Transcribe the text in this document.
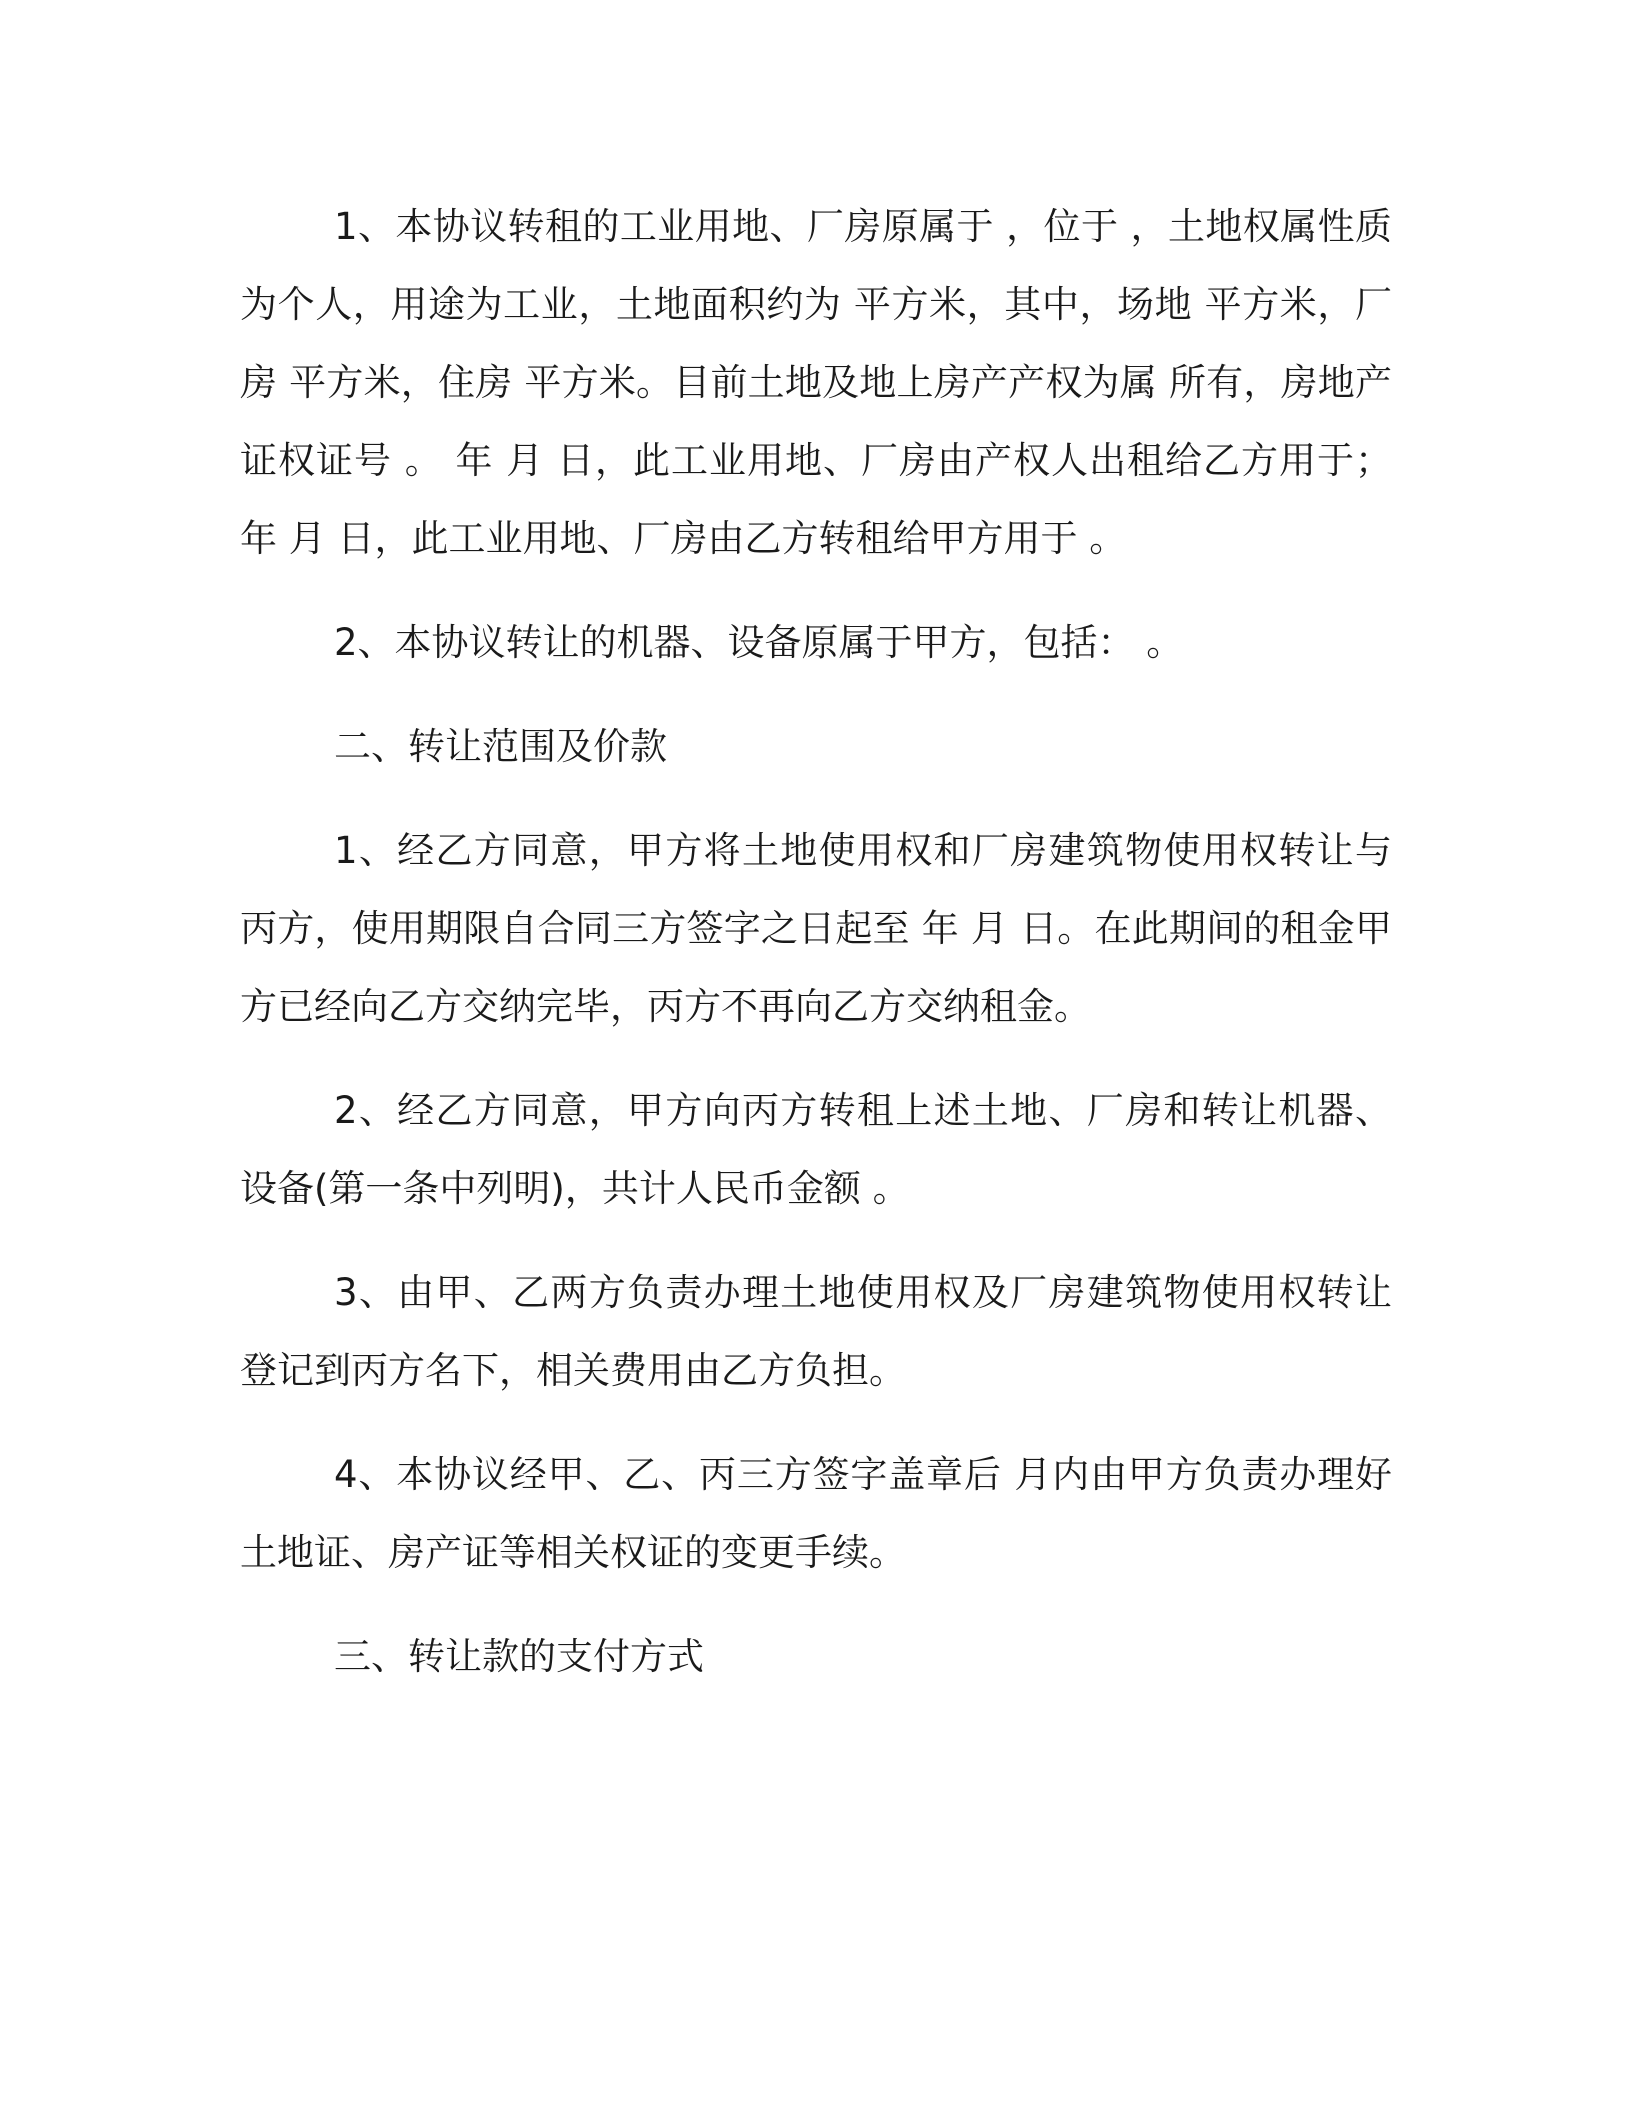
1、本协议转租的工业用地、厂房原属于 ，位于 ，土地权属性质为个人，用途为工业，土地面积约为 平方米，其中，场地 平方米，厂房 平方米，住房 平方米。目前土地及地上房产产权为属 所有，房地产证权证号 。 年 月 日，此工业用地、厂房由产权人出租给乙方用于；年 月 日，此工业用地、厂房由乙方转租给甲方用于 。

2、本协议转让的机器、设备原属于甲方，包括： 。

二、转让范围及价款

1、经乙方同意，甲方将土地使用权和厂房建筑物使用权转让与丙方，使用期限自合同三方签字之日起至 年 月 日。在此期间的租金甲方已经向乙方交纳完毕，丙方不再向乙方交纳租金。

2、经乙方同意，甲方向丙方转租上述土地、厂房和转让机器、设备(第一条中列明)，共计人民币金额 。

3、由甲、乙两方负责办理土地使用权及厂房建筑物使用权转让登记到丙方名下，相关费用由乙方负担。

4、本协议经甲、乙、丙三方签字盖章后 月内由甲方负责办理好土地证、房产证等相关权证的变更手续。

三、转让款的支付方式
